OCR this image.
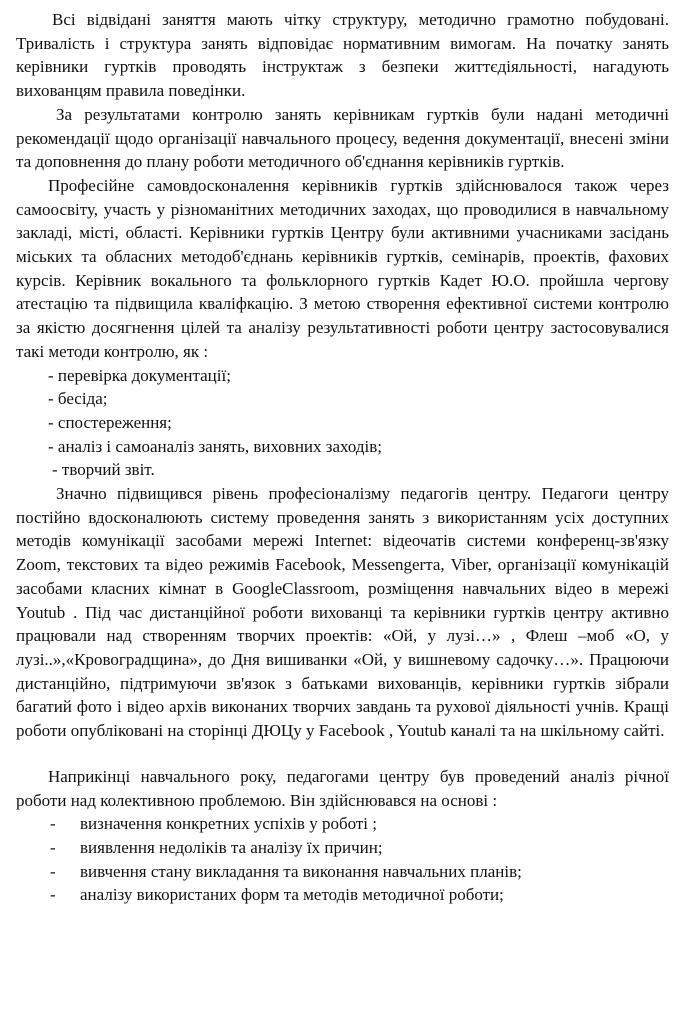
Всі відвідані заняття мають чітку структуру, методично грамотно побудовані. Тривалість і структура занять відповідає нормативним вимогам. На початку занять керівники гуртків проводять інструктаж з безпеки життєдіяльності, нагадують вихованцям правила поведінки.

За результатами контролю занять керівникам гуртків були надані методичні рекомендації щодо організації навчального процесу, ведення документації, внесені зміни та доповнення до плану роботи методичного об'єднання керівників гуртків.

Професійне самовдосконалення керівників гуртків здійснювалося також через самоосвіту, участь у різноманітних методичних заходах, що проводилися в навчальному закладі, місті, області. Керівники гуртків Центру були активними учасниками засідань міських та обласних методоб'єднань керівників гуртків, семінарів, проектів, фахових курсів. Керівник вокального та фольклорного гуртків Кадет Ю.О. пройшла чергову атестацію та підвищила кваліфкацію. З метою створення ефективної системи контролю за якістю досягнення цілей та аналізу результативності роботи центру застосовувалися такі методи контролю, як :

- перевірка документації;
- бесіда;
- спостереження;
- аналіз і самоаналіз занять, виховних заходів;
- творчий звіт.

Значно підвищився рівень професіоналізму педагогів центру. Педагоги центру постійно вдосконалюють систему проведення занять з використанням усіх доступних методів комунікації засобами мережі Internet: відеочатів системи конференц-зв'язку Zoom, текстових та відео режимів Facebook, Messengerта, Viber, організації комунікацій засобами класних кімнат в GoogleClassroom, розміщення навчальних відео в мережі Youtub . Під час дистанційної роботи вихованці та керівники гуртків центру активно працювали над створенням творчих проектів: «Ой, у лузі…» , Флеш –моб «О, у лузі..»,«Кровоградщина», до Дня вишиванки «Ой, у вишневому садочку…». Працюючи дистанційно, підтримуючи зв'язок з батьками вихованців, керівники гуртків зібрали багатий фото і відео архів виконаних творчих завдань та рухової діяльності учнів. Кращі роботи опубліковані на сторінці ДЮЦу у Facebook , Youtub каналі та на шкільному сайті.

Наприкінці навчального року, педагогами центру був проведений аналіз річної роботи над колективною проблемою. Він здійснювався на основі :

-	визначення конкретних успіхів у роботі ;
-	виявлення недоліків та аналізу їх причин;
-	вивчення стану викладання та виконання навчальних планів;
-	аналізу використаних форм та методів методичної роботи;
